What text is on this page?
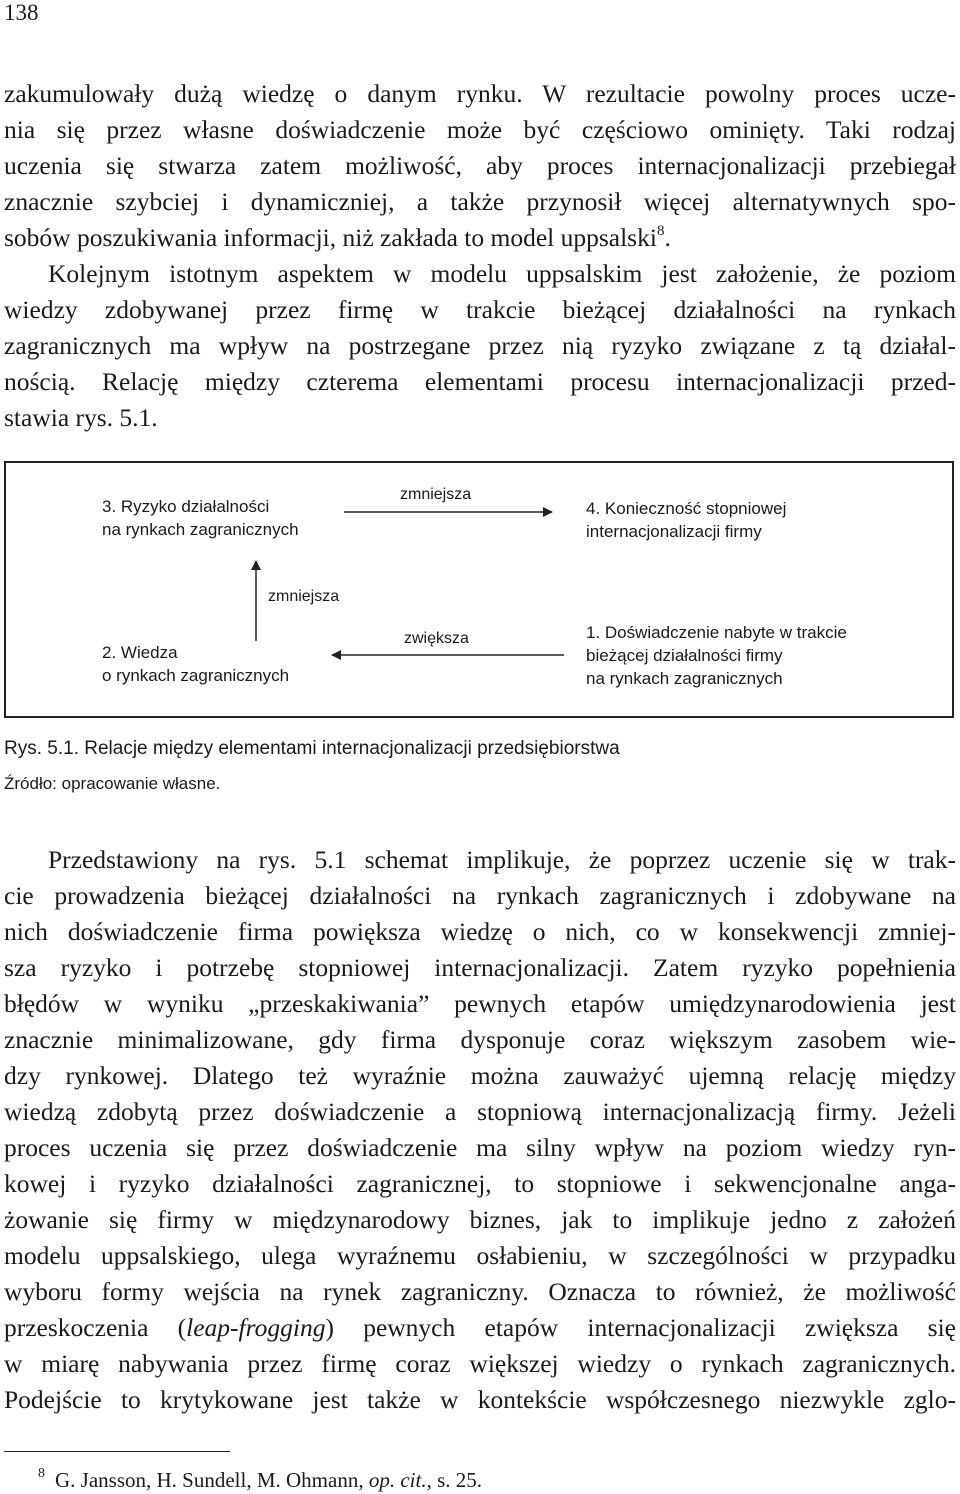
138
zakumulowały dużą wiedzę o danym rynku. W rezultacie powolny proces ucze-
nia się przez własne doświadczenie może być częściowo ominięty. Taki rodzaj
uczenia się stwarza zatem możliwość, aby proces internacjonalizacji przebiegał
znacznie szybciej i dynamiczniej, a także przynosił więcej alternatywnych spo-
sobów poszukiwania informacji, niż zakłada to model uppsalski$^8$.
Kolejnym istotnym aspektem w modelu uppsalskim jest założenie, że poziom
wiedzy zdobywanej przez firmę w trakcie bieżącej działalności na rynkach
zagranicznych ma wpływ na postrzegane przez nią ryzyko związane z tą działal-
nością. Relację między czterema elementami procesu internacjonalizacji przed-
stawia rys. 5.1.
3. Ryzyko działalności
na rynkach zagranicznych
4. Konieczność stopniowej
internacjonalizacji firmy
2. Wiedza
o rynkach zagranicznych
1. Doświadczenie nabyte w trakcie
bieżącej działalności firmy
na rynkach zagranicznych
zmniejsza
zmniejsza
zwiększa
Rys. 5.1. Relacje między elementami internacjonalizacji przedsiębiorstwa
Źródło: opracowanie własne.
Przedstawiony na rys. 5.1 schemat implikuje, że poprzez uczenie się w trak-
cie prowadzenia bieżącej działalności na rynkach zagranicznych i zdobywane na
nich doświadczenie firma powiększa wiedzę o nich, co w konsekwencji zmniej-
sza ryzyko i potrzebę stopniowej internacjonalizacji. Zatem ryzyko popełnienia
błędów w wyniku „przeskakiwania” pewnych etapów umiędzynarodowienia jest
znacznie minimalizowane, gdy firma dysponuje coraz większym zasobem wie-
dzy rynkowej. Dlatego też wyraźnie można zauważyć ujemną relację między
wiedzą zdobytą przez doświadczenie a stopniową internacjonalizacją firmy. Jeżeli
proces uczenia się przez doświadczenie ma silny wpływ na poziom wiedzy ryn-
kowej i ryzyko działalności zagranicznej, to stopniowe i sekwencjonalne anga-
żowanie się firmy w międzynarodowy biznes, jak to implikuje jedno z założeń
modelu uppsalskiego, ulega wyraźnemu osłabieniu, w szczególności w przypadku
wyboru formy wejścia na rynek zagraniczny. Oznacza to również, że możliwość
przeskoczenia (leap-frogging) pewnych etapów internacjonalizacji zwiększa się
w miarę nabywania przez firmę coraz większej wiedzy o rynkach zagranicznych.
Podejście to krytykowane jest także w kontekście współczesnego niezwykle zglo-
$^8$ G. Jansson, H. Sundell, M. Ohmann, op. cit., s. 25.
